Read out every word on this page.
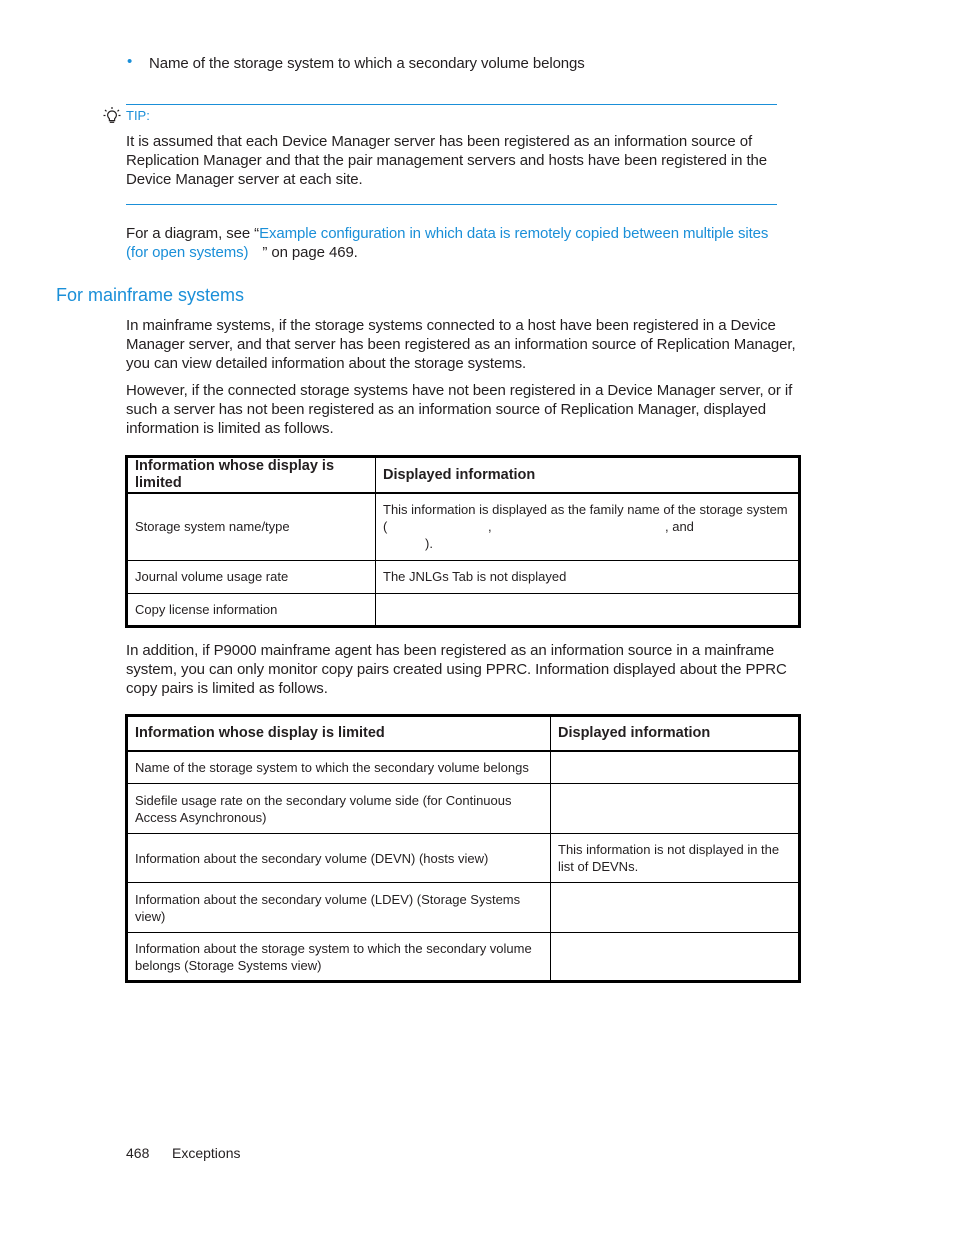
• Name of the storage system to which a secondary volume belongs
TIP:
It is assumed that each Device Manager server has been registered as an information source of Replication Manager and that the pair management servers and hosts have been registered in the Device Manager server at each site.
For a diagram, see “Example configuration in which data is remotely copied between multiple sites
(for open systems) ” on page 469.
For mainframe systems
In mainframe systems, if the storage systems connected to a host have been registered in a Device Manager server, and that server has been registered as an information source of Replication Manager, you can view detailed information about the storage systems.
However, if the connected storage systems have not been registered in a Device Manager server, or if such a server has not been registered as an information source of Replication Manager, displayed information is limited as follows.
Information whose display is limited	Displayed information
Storage system name/type	This information is displayed as the family name of the storage system
( , , and
).

Journal volume usage rate	The JNLGs Tab is not displayed
Copy license information	
In addition, if P9000 mainframe agent has been registered as an information source in a mainframe system, you can only monitor copy pairs created using PPRC. Information displayed about the PPRC copy pairs is limited as follows.
Information whose display is limited	Displayed information
Name of the storage system to which the secondary volume belongs	
Sidefile usage rate on the secondary volume side (for Continuous Access Asynchronous)	
Information about the secondary volume (DEVN) (hosts view)	This information is not displayed in the list of DEVNs.
Information about the secondary volume (LDEV) (Storage Systems view)	
Information about the storage system to which the secondary volume belongs (Storage Systems view)	
468 Exceptions
